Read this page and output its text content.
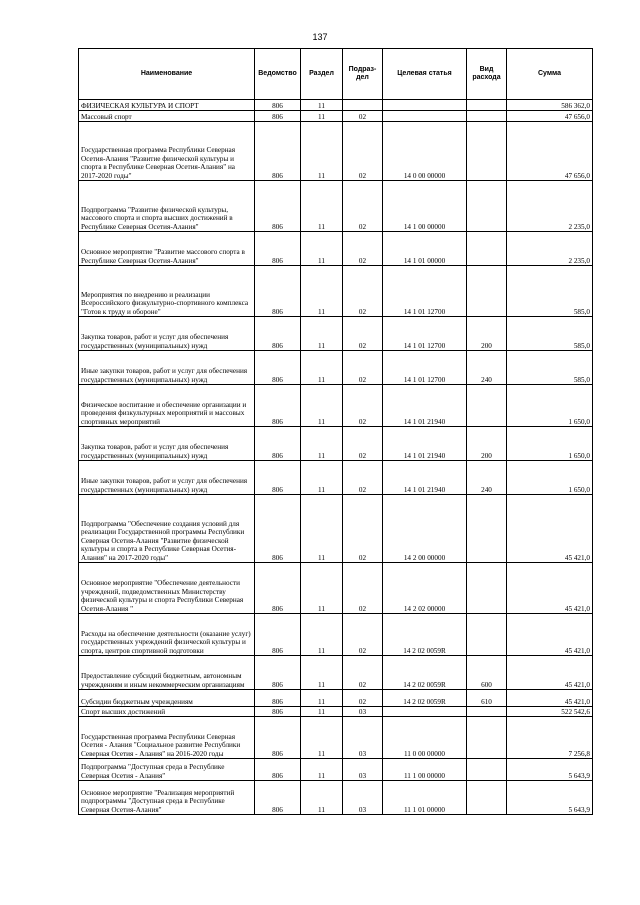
137
Наименование	Ведомство	Раздел	Подраз-дел	Целевая статья	Вид расхода	Сумма
ФИЗИЧЕСКАЯ КУЛЬТУРА И СПОРТ	806	11				586 362,0
Массовый спорт	806	11	02			47 656,0
Государственная программа Республики Северная Осетия-Алания "Развитие физической культуры и спорта в Республике Северная Осетия-Алания" на 2017-2020 годы"	806	11	02	14 0 00 00000		47 656,0
Подпрограмма "Развитие физической культуры, массового спорта и спорта высших достижений в Республике Северная Осетия-Алания"	806	11	02	14 1 00 00000		2 235,0
Основное мероприятие "Развитие массового спорта в Республике Северная Осетия-Алания"	806	11	02	14 1 01 00000		2 235,0
Мероприятия по внедрению и реализации Всероссийского физкультурно-спортивного комплекса "Готов к труду и обороне"	806	11	02	14 1 01 12700		585,0
Закупка товаров, работ и услуг для обеспечения государственных (муниципальных) нужд	806	11	02	14 1 01 12700	200	585,0
Иные закупки товаров, работ и услуг для обеспечения государственных (муниципальных) нужд	806	11	02	14 1 01 12700	240	585,0
Физическое воспитание и обеспечение организации и проведения физкультурных мероприятий и массовых спортивных мероприятий	806	11	02	14 1 01 21940		1 650,0
Закупка товаров, работ и услуг для обеспечения государственных (муниципальных) нужд	806	11	02	14 1 01 21940	200	1 650,0
Иные закупки товаров, работ и услуг для обеспечения государственных (муниципальных) нужд	806	11	02	14 1 01 21940	240	1 650,0
Подпрограмма "Обеспечение создания условий для реализации Государственной программы Республики Северная Осетия-Алания "Развитие физической культуры и спорта в Республике Северная Осетия-Алания" на 2017-2020 годы"	806	11	02	14 2 00 00000		45 421,0
Основное мероприятие "Обеспечение деятельности учреждений, подведомственных Министерству физической культуры и спорта Республики Северная Осетия-Алания "	806	11	02	14 2 02 00000		45 421,0
Расходы на обеспечение деятельности (оказание услуг) государственных учреждений физической культуры и спорта, центров спортивной подготовки	806	11	02	14 2 02 0059R		45 421,0
Предоставление субсидий бюджетным, автономным учреждениям и иным некоммерческим организациям	806	11	02	14 2 02 0059R	600	45 421,0
Субсидии бюджетным учреждениям	806	11	02	14 2 02 0059R	610	45 421,0
Спорт высших достижений	806	11	03			522 542,6
Государственная программа Республики Северная Осетия - Алания "Социальное развитие Республики Северная Осетия - Алания" на 2016-2020 годы	806	11	03	11 0 00 00000		7 256,8
Подпрограмма "Доступная среда в Республике Северная Осетия - Алания"	806	11	03	11 1 00 00000		5 643,9
Основное мероприятие "Реализация мероприятий подпрограммы "Доступная среда в Республике Северная Осетия-Алания"	806	11	03	11 1 01 00000		5 643,9
